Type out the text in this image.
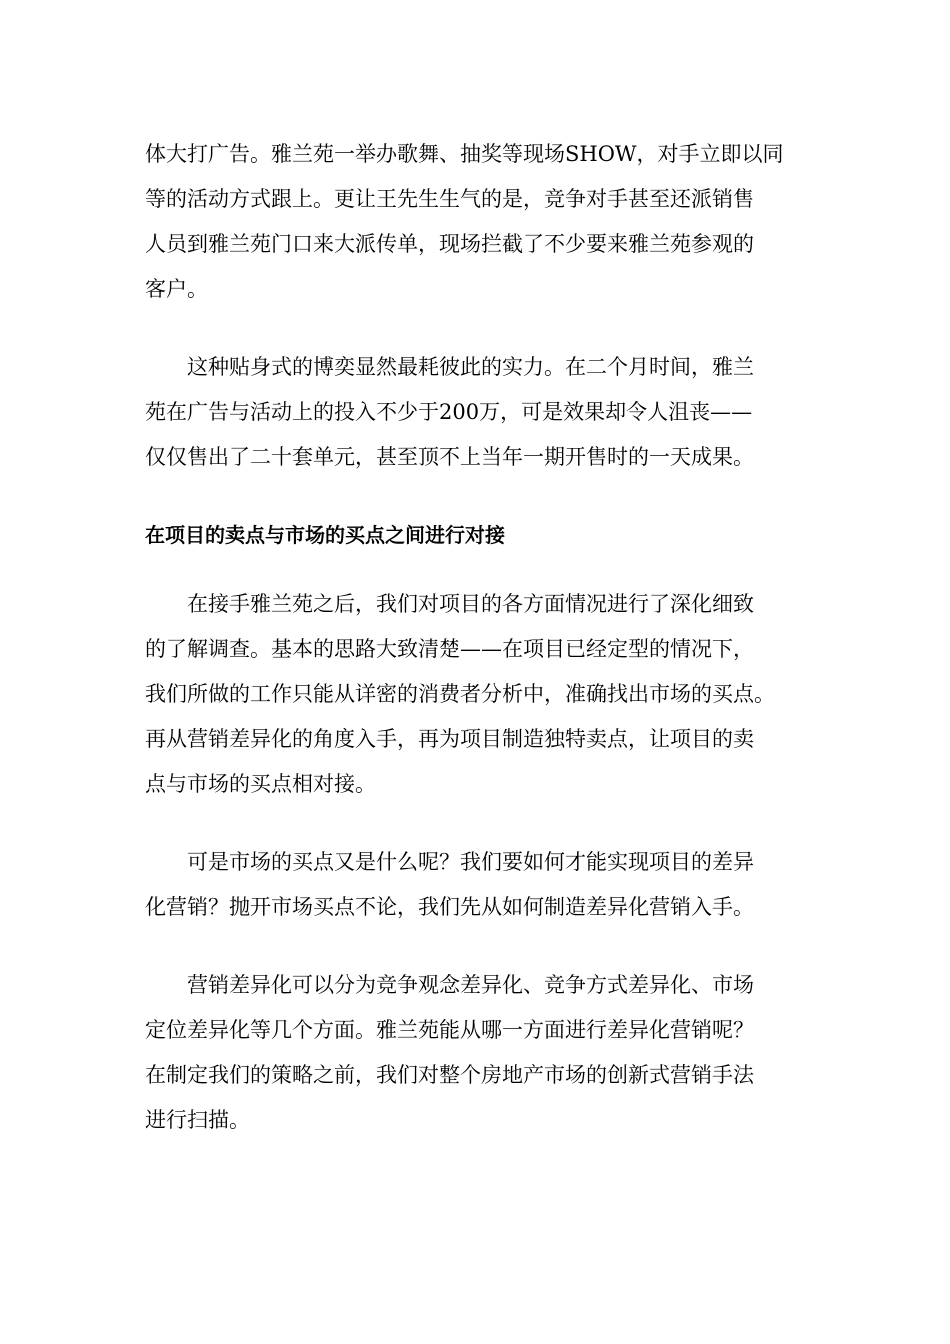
体大打广告。雅兰苑一举办歌舞、抽奖等现场SHOW，对手立即以同
等的活动方式跟上。更让王先生生气的是，竞争对手甚至还派销售
人员到雅兰苑门口来大派传单，现场拦截了不少要来雅兰苑参观的
客户。

　　这种贴身式的博奕显然最耗彼此的实力。在二个月时间，雅兰
苑在广告与活动上的投入不少于200万，可是效果却令人沮丧——
仅仅售出了二十套单元，甚至顶不上当年一期开售时的一天成果。

在项目的卖点与市场的买点之间进行对接

　　在接手雅兰苑之后，我们对项目的各方面情况进行了深化细致
的了解调查。基本的思路大致清楚——在项目已经定型的情况下，
我们所做的工作只能从详密的消费者分析中，准确找出市场的买点。
再从营销差异化的角度入手，再为项目制造独特卖点，让项目的卖
点与市场的买点相对接。

　　可是市场的买点又是什么呢？我们要如何才能实现项目的差异
化营销？抛开市场买点不论，我们先从如何制造差异化营销入手。

　　营销差异化可以分为竞争观念差异化、竞争方式差异化、市场
定位差异化等几个方面。雅兰苑能从哪一方面进行差异化营销呢？
在制定我们的策略之前，我们对整个房地产市场的创新式营销手法
进行扫描。
